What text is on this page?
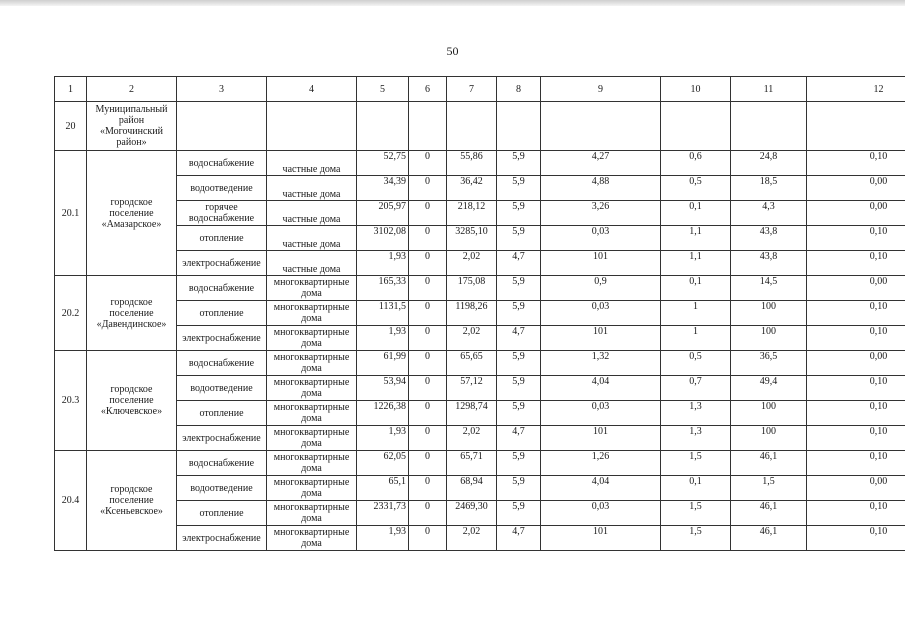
50
1	2	3	4	5	6	7	8	9	10	11	12
20	Муниципальный район «Могочинский район»										
20.1	городское поселение «Амазарское»	водоснабжение	частные дома	52,75	0	55,86	5,9	4,27	0,6	24,8	0,10
		водоотведение	частные дома	34,39	0	36,42	5,9	4,88	0,5	18,5	0,00
		горячее водоснабжение	частные дома	205,97	0	218,12	5,9	3,26	0,1	4,3	0,00
		отопление	частные дома	3102,08	0	3285,10	5,9	0,03	1,1	43,8	0,10
		электроснабжение	частные дома	1,93	0	2,02	4,7	101	1,1	43,8	0,10
20.2	городское поселение «Давендинское»	водоснабжение	многоквартирные дома	165,33	0	175,08	5,9	0,9	0,1	14,5	0,00
		отопление	многоквартирные дома	1131,5	0	1198,26	5,9	0,03	1	100	0,10
		электроснабжение	многоквартирные дома	1,93	0	2,02	4,7	101	1	100	0,10
20.3	городское поселение «Ключевское»	водоснабжение	многоквартирные дома	61,99	0	65,65	5,9	1,32	0,5	36,5	0,00
		водоотведение	многоквартирные дома	53,94	0	57,12	5,9	4,04	0,7	49,4	0,10
		отопление	многоквартирные дома	1226,38	0	1298,74	5,9	0,03	1,3	100	0,10
		электроснабжение	многоквартирные дома	1,93	0	2,02	4,7	101	1,3	100	0,10
20.4	городское поселение «Ксеньевское»	водоснабжение	многоквартирные дома	62,05	0	65,71	5,9	1,26	1,5	46,1	0,10
		водоотведение	многоквартирные дома	65,1	0	68,94	5,9	4,04	0,1	1,5	0,00
		отопление	многоквартирные дома	2331,73	0	2469,30	5,9	0,03	1,5	46,1	0,10
		электроснабжение	многоквартирные дома	1,93	0	2,02	4,7	101	1,5	46,1	0,10
